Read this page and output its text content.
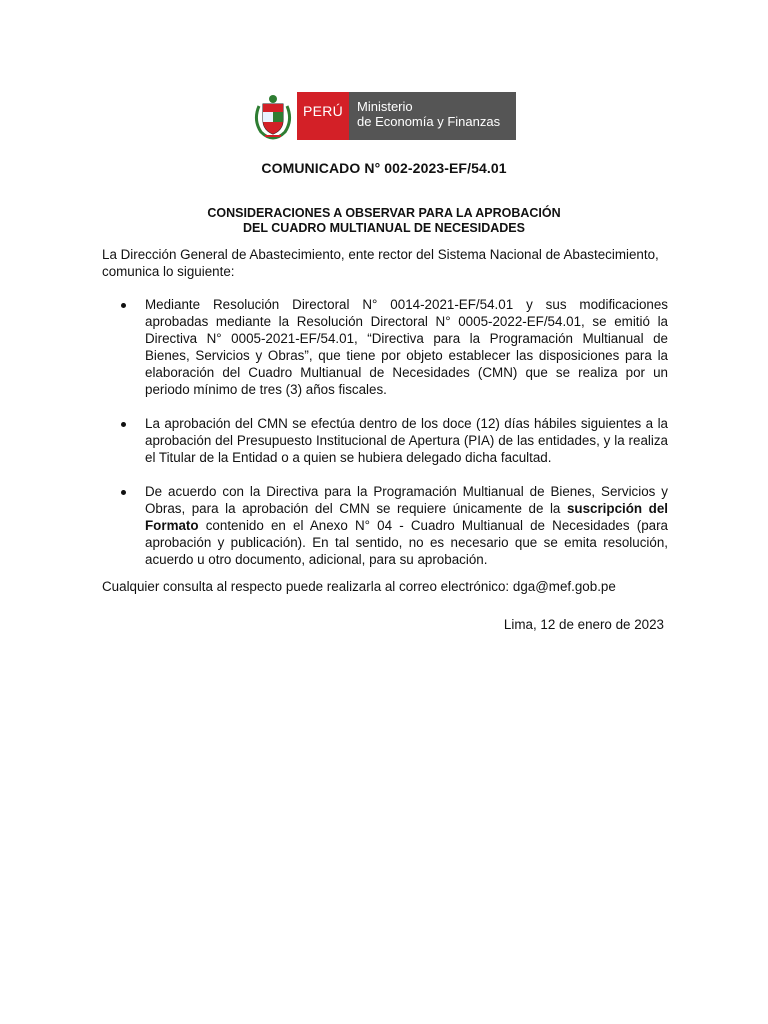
PERÚ	Ministerio
de Economía y Finanzas
COMUNICADO N° 002-2023-EF/54.01
CONSIDERACIONES A OBSERVAR PARA LA APROBACIÓN
DEL CUADRO MULTIANUAL DE NECESIDADES
La Dirección General de Abastecimiento, ente rector del Sistema Nacional de Abastecimiento, comunica lo siguiente:
Mediante Resolución Directoral N° 0014-2021-EF/54.01 y sus modificaciones aprobadas mediante la Resolución Directoral N° 0005-2022-EF/54.01, se emitió la Directiva N° 0005-2021-EF/54.01, “Directiva para la Programación Multianual de Bienes, Servicios y Obras”, que tiene por objeto establecer las disposiciones para la elaboración del Cuadro Multianual de Necesidades (CMN) que se realiza por un periodo mínimo de tres (3) años fiscales.
La aprobación del CMN se efectúa dentro de los doce (12) días hábiles siguientes a la aprobación del Presupuesto Institucional de Apertura (PIA) de las entidades, y la realiza el Titular de la Entidad o a quien se hubiera delegado dicha facultad.
De acuerdo con la Directiva para la Programación Multianual de Bienes, Servicios y Obras, para la aprobación del CMN se requiere únicamente de la suscripción del Formato contenido en el Anexo N° 04 - Cuadro Multianual de Necesidades (para aprobación y publicación). En tal sentido, no es necesario que se emita resolución, acuerdo u otro documento, adicional, para su aprobación.
Cualquier consulta al respecto puede realizarla al correo electrónico: dga@mef.gob.pe
Lima, 12 de enero de 2023
